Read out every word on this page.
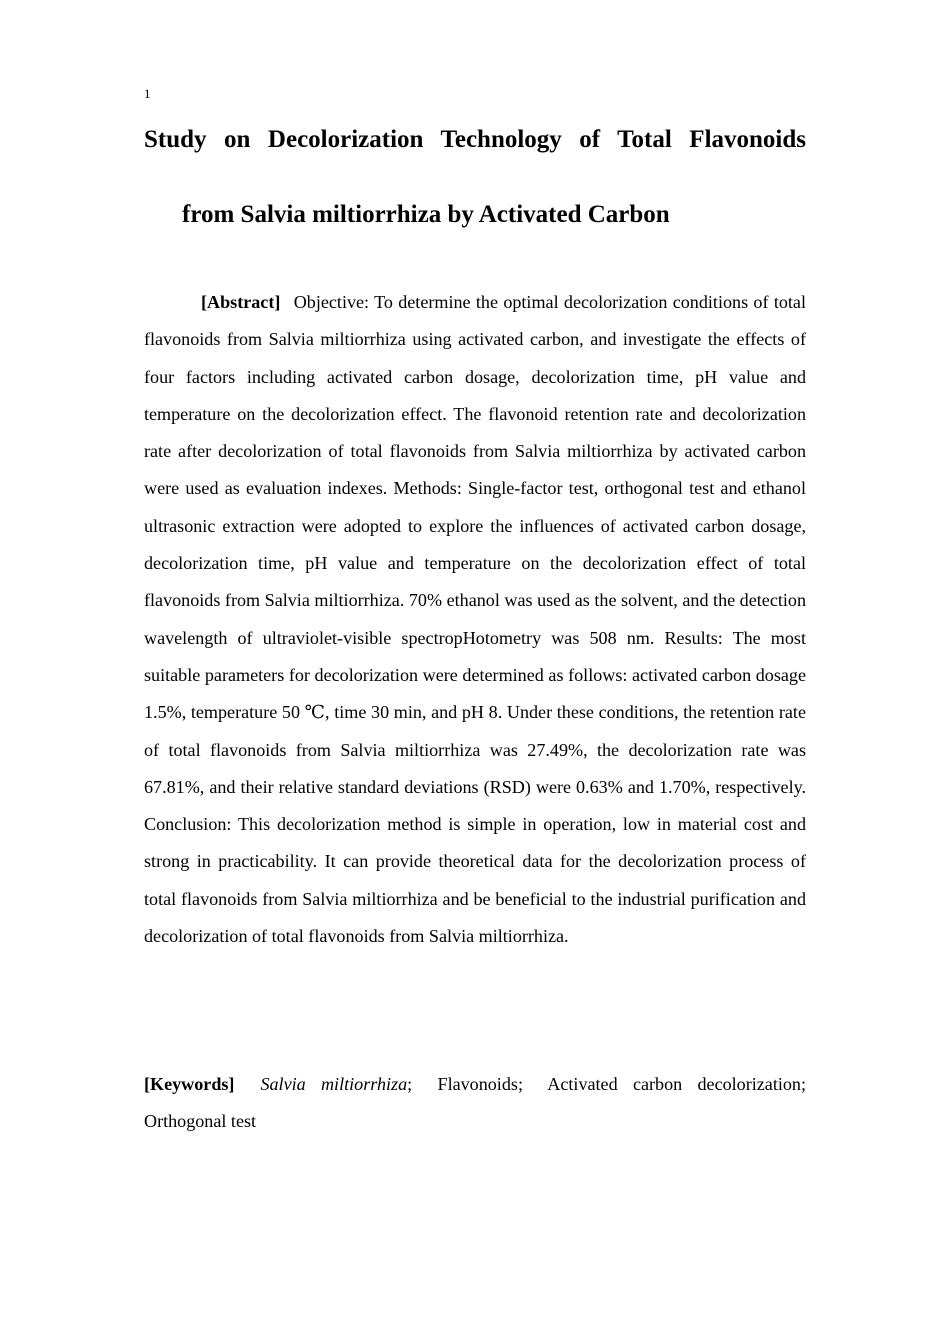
1
Study on Decolorization Technology of Total Flavonoids
from Salvia miltiorrhiza by Activated Carbon

[Abstract] Objective: To determine the optimal decolorization conditions of total flavonoids from Salvia miltiorrhiza using activated carbon, and investigate the effects of four factors including activated carbon dosage, decolorization time, pH value and temperature on the decolorization effect. The flavonoid retention rate and decolorization rate after decolorization of total flavonoids from Salvia miltiorrhiza by activated carbon were used as evaluation indexes. Methods: Single-factor test, orthogonal test and ethanol ultrasonic extraction were adopted to explore the influences of activated carbon dosage, decolorization time, pH value and temperature on the decolorization effect of total flavonoids from Salvia miltiorrhiza. 70% ethanol was used as the solvent, and the detection wavelength of ultraviolet-visible spectropHotometry was 508 nm. Results: The most suitable parameters for decolorization were determined as follows: activated carbon dosage 1.5%, temperature 50 ℃, time 30 min, and pH 8. Under these conditions, the retention rate of total flavonoids from Salvia miltiorrhiza was 27.49%, the decolorization rate was 67.81%, and their relative standard deviations (RSD) were 0.63% and 1.70%, respectively. Conclusion: This decolorization method is simple in operation, low in material cost and strong in practicability. It can provide theoretical data for the decolorization process of total flavonoids from Salvia miltiorrhiza and be beneficial to the industrial purification and decolorization of total flavonoids from Salvia miltiorrhiza.

[Keywords] Salvia miltiorrhiza; Flavonoids; Activated carbon decolorization; Orthogonal test
